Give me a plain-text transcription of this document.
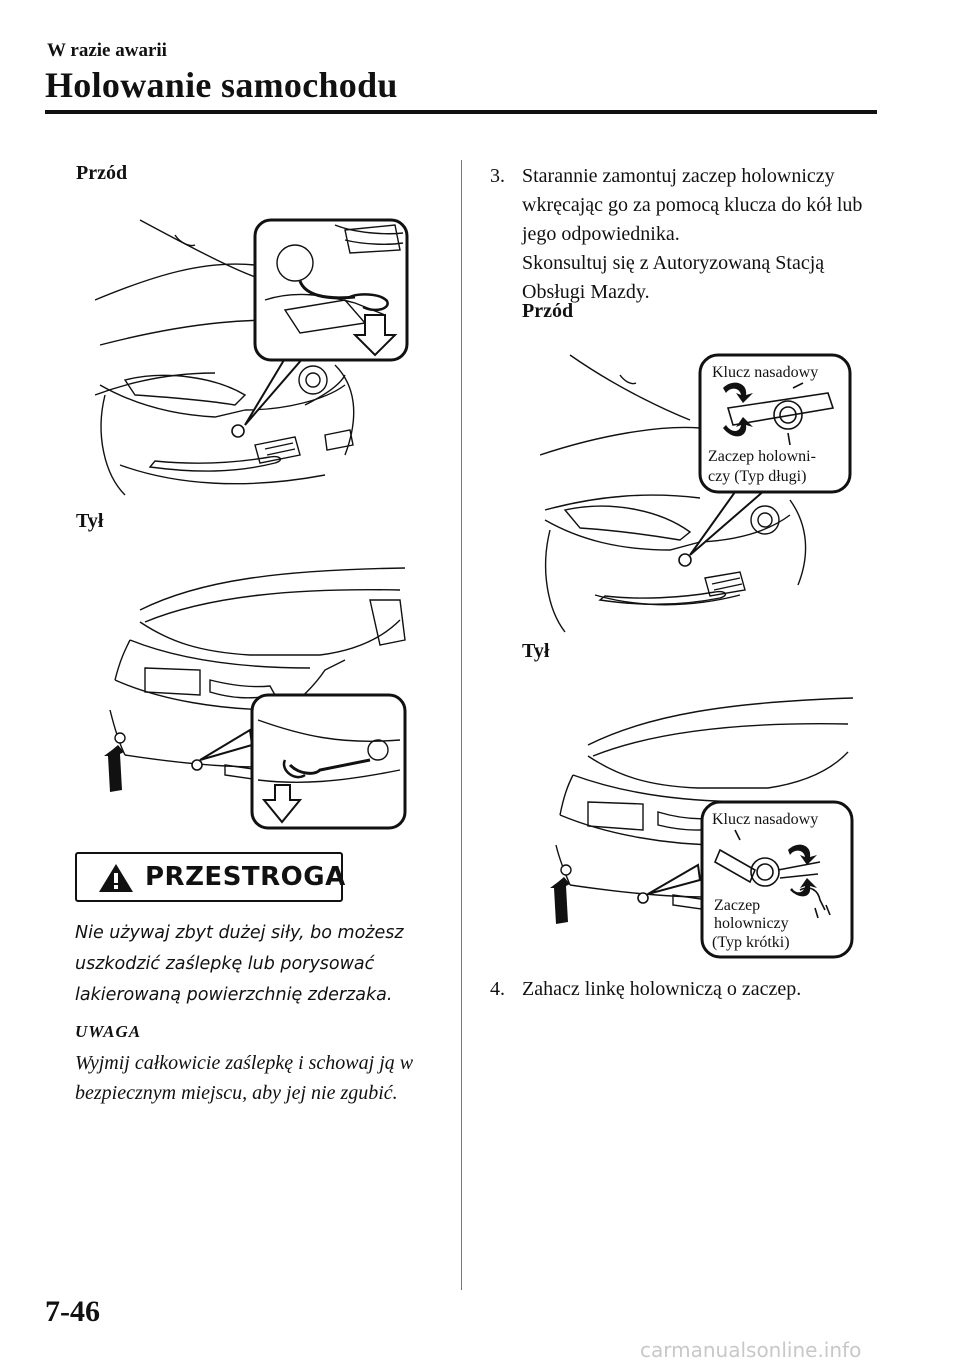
W razie awarii
Holowanie samochodu
Przód
Tył
PRZESTROGA
Nie używaj zbyt dużej siły, bo możesz uszkodzić zaślepkę lub porysować lakierowaną powierzchnię zderzaka.
UWAGA
Wyjmij całkowicie zaślepkę i schowaj ją w bezpiecznym miejscu, aby jej nie zgubić.
3. Starannie zamontuj zaczep holowniczy wkręcając go za pomocą klucza do kół lub jego odpowiednika.
Skonsultuj się z Autoryzowaną Stacją Obsługi Mazdy.
Przód
Klucz nasadowy
Zaczep holowni-
czy (Typ długi)
Tył
Klucz nasadowy
Zaczep
holowniczy
(Typ krótki)
4. Zahacz linkę holowniczą o zaczep.
7-46
carmanualsonline.info
